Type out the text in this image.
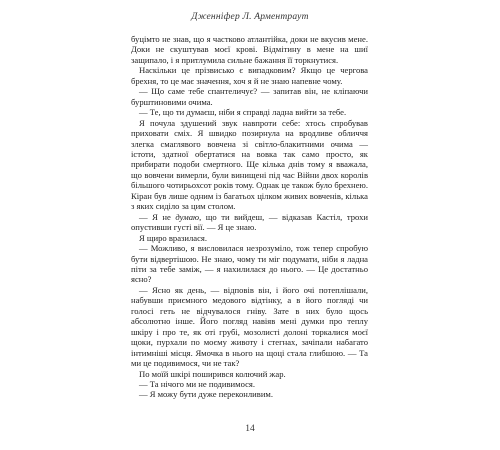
Дженніфер Л. Арментраут

буцімто не знав, що я частково атлантійка, доки не вкусив мене. Доки не скуштував моєї крові. Відмітину в мене на шиї защипало, і я притлумила сильне бажання її торкнутися.

Наскільки це прізвисько є випадковим? Якщо це чергова брехня, то це має значення, хоч я й не знаю напевне чому.

— Що саме тебе спантеличує? — запитав він, не кліпаючи бурштиновими очима.

— Те, що ти думаєш, ніби я справді ладна вийти за тебе.

Я почула здушений звук навпроти себе: хтось спробував приховати сміх. Я швидко позирнула на вродливе обличчя злегка смаглявого вовчена зі світло-блакитними очима — істоти, здатної обертатися на вовка так само просто, як прибирати подоби смертного. Ще кілька днів тому я вважала, що вовчени вимерли, були винищені під час Війни двох королів більшого чотирьохсот років тому. Однак це також було брехнею. Кіран був лише одним із багатьох цілком живих вовченів, кілька з яких сиділо за цим столом.

— Я не думаю, що ти вийдеш, — відказав Кастіл, трохи опустивши густі вії. — Я це знаю.

Я щиро вразилася.

— Можливо, я висловилася незрозуміло, тож тепер спробую бути відвертішою. Не знаю, чому ти міг подумати, ніби я ладна піти за тебе заміж, — я нахилилася до нього. — Це достатньо ясно?

— Ясно як день, — відповів він, і його очі потеплішали, набувши приємного медового відтінку, а в його погляді чи голосі геть не відчувалося гніву. Зате в них було щось абсолютно інше. Його погляд навіяв мені думки про теплу шкіру і про те, як оті грубі, мозолисті долоні торкалися моєї щоки, пурхали по моєму животу і стегнах, зачіпали набагато інтимніші місця. Ямочка в нього на щоці стала глибшою. — Та ми це подивимося, чи не так?

По моїй шкірі поширився колючий жар.

— Та нічого ми не подивимося.

— Я можу бути дуже переконливим.

14
